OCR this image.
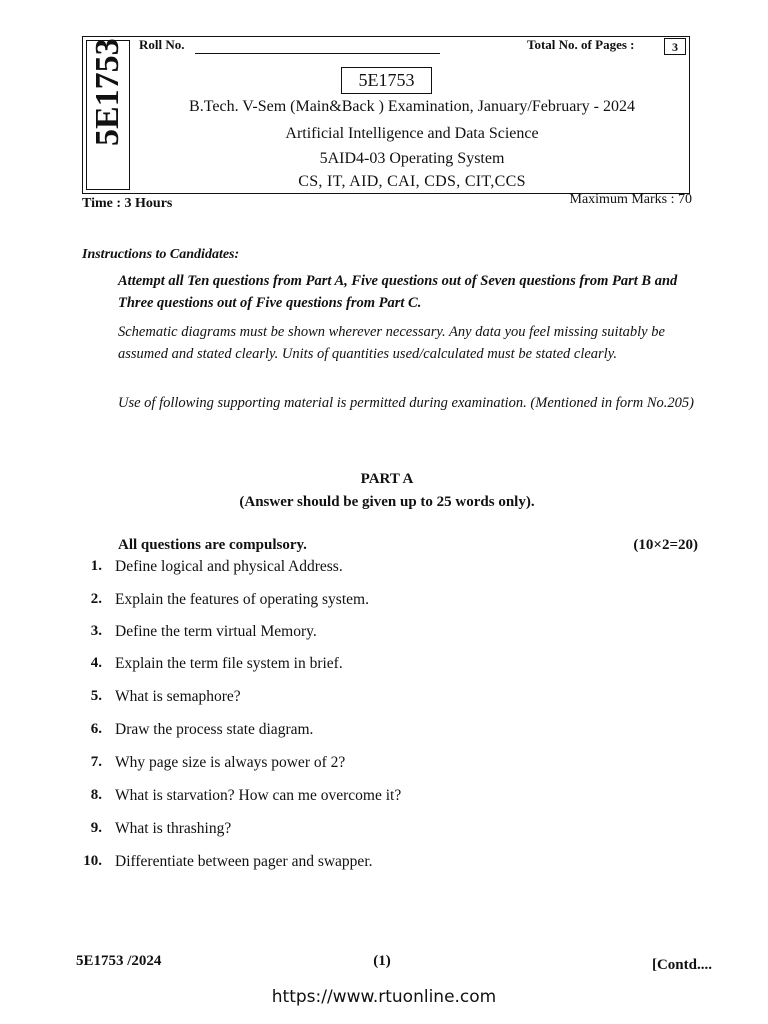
5E1753 Roll No.	Total No. of Pages :	3
5E1753
B.Tech. V-Sem (Main&Back ) Examination, January/February - 2024
Artificial Intelligence and Data Science
5AID4-03 Operating System
CS, IT, AID, CAI, CDS, CIT,CCS
Time : 3 Hours	Maximum Marks : 70
Instructions to Candidates:
Attempt all Ten questions from Part A, Five questions out of Seven questions from Part B and Three questions out of Five questions from Part C.
Schematic diagrams must be shown wherever necessary. Any data you feel missing suitably be assumed and stated clearly. Units of quantities used/calculated must be stated clearly.
Use of following supporting material is permitted during examination. (Mentioned in form No.205)
PART A
(Answer should be given up to 25 words only).
All questions are compulsory.	(10×2=20)
1. Define logical and physical Address.
2. Explain the features of operating system.
3. Define the term virtual Memory.
4. Explain the term file system in brief.
5. What is semaphore?
6. Draw the process state diagram.
7. Why page size is always power of 2?
8. What is starvation? How can me overcome it?
9. What is thrashing?
10. Differentiate between pager and swapper.
5E1753 /2024	(1)	[Contd....
https://www.rtuonline.com
